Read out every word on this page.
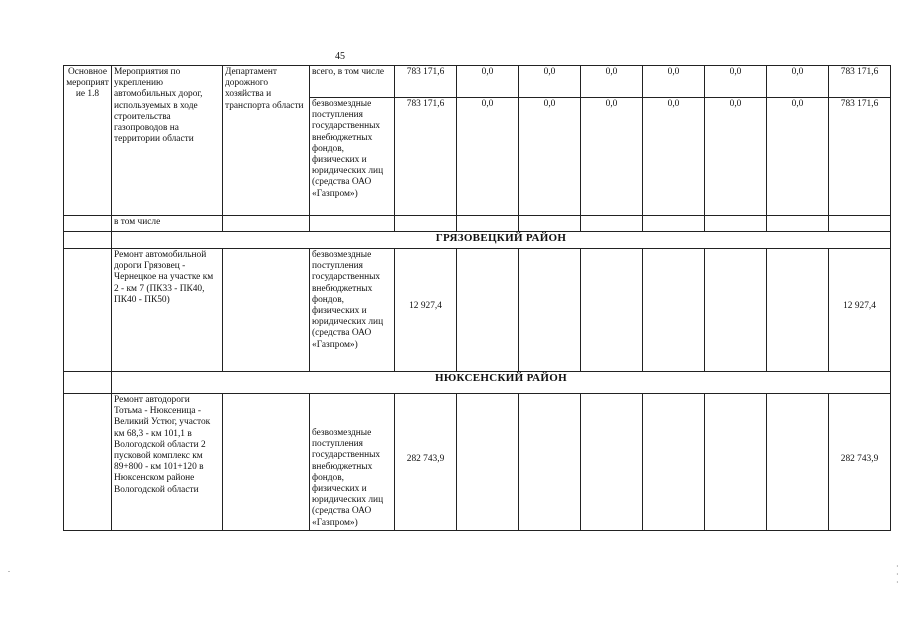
45
Основное мероприятие 1.8	Мероприятия по укреплению автомобильных дорог, используемых в ходе строительства газопроводов на территории области	Департамент дорожного хозяйства и транспорта области	всего, в том числе	783 171,6	0,0	0,0	0,0	0,0	0,0	0,0	783 171,6
			безвозмездные поступления государственных внебюджетных фондов, физических и юридических лиц (средства ОАО «Газпром»)	783 171,6	0,0	0,0	0,0	0,0	0,0	0,0	783 171,6
	в том числе										
	ГРЯЗОВЕЦКИЙ РАЙОН										
	Ремонт автомобильной дороги Грязовец - Чернецкое на участке км 2 - км 7 (ПК33 - ПК40, ПК40 - ПК50)		безвозмездные поступления государственных внебюджетных фондов, физических и юридических лиц (средства ОАО «Газпром»)	12 927,4							12 927,4
	НЮКСЕНСКИЙ РАЙОН										
	Ремонт автодороги Тотьма - Нюксеница - Великий Устюг, участок км 68,3 - км 101,1 в Вологодской области 2 пусковой комплекс км 89+800 - км 101+120 в Нюксенском районе Вологодской области		безвозмездные поступления государственных внебюджетных фондов, физических и юридических лиц (средства ОАО «Газпром»)	282 743,9							282 743,9
.	·
·
·
